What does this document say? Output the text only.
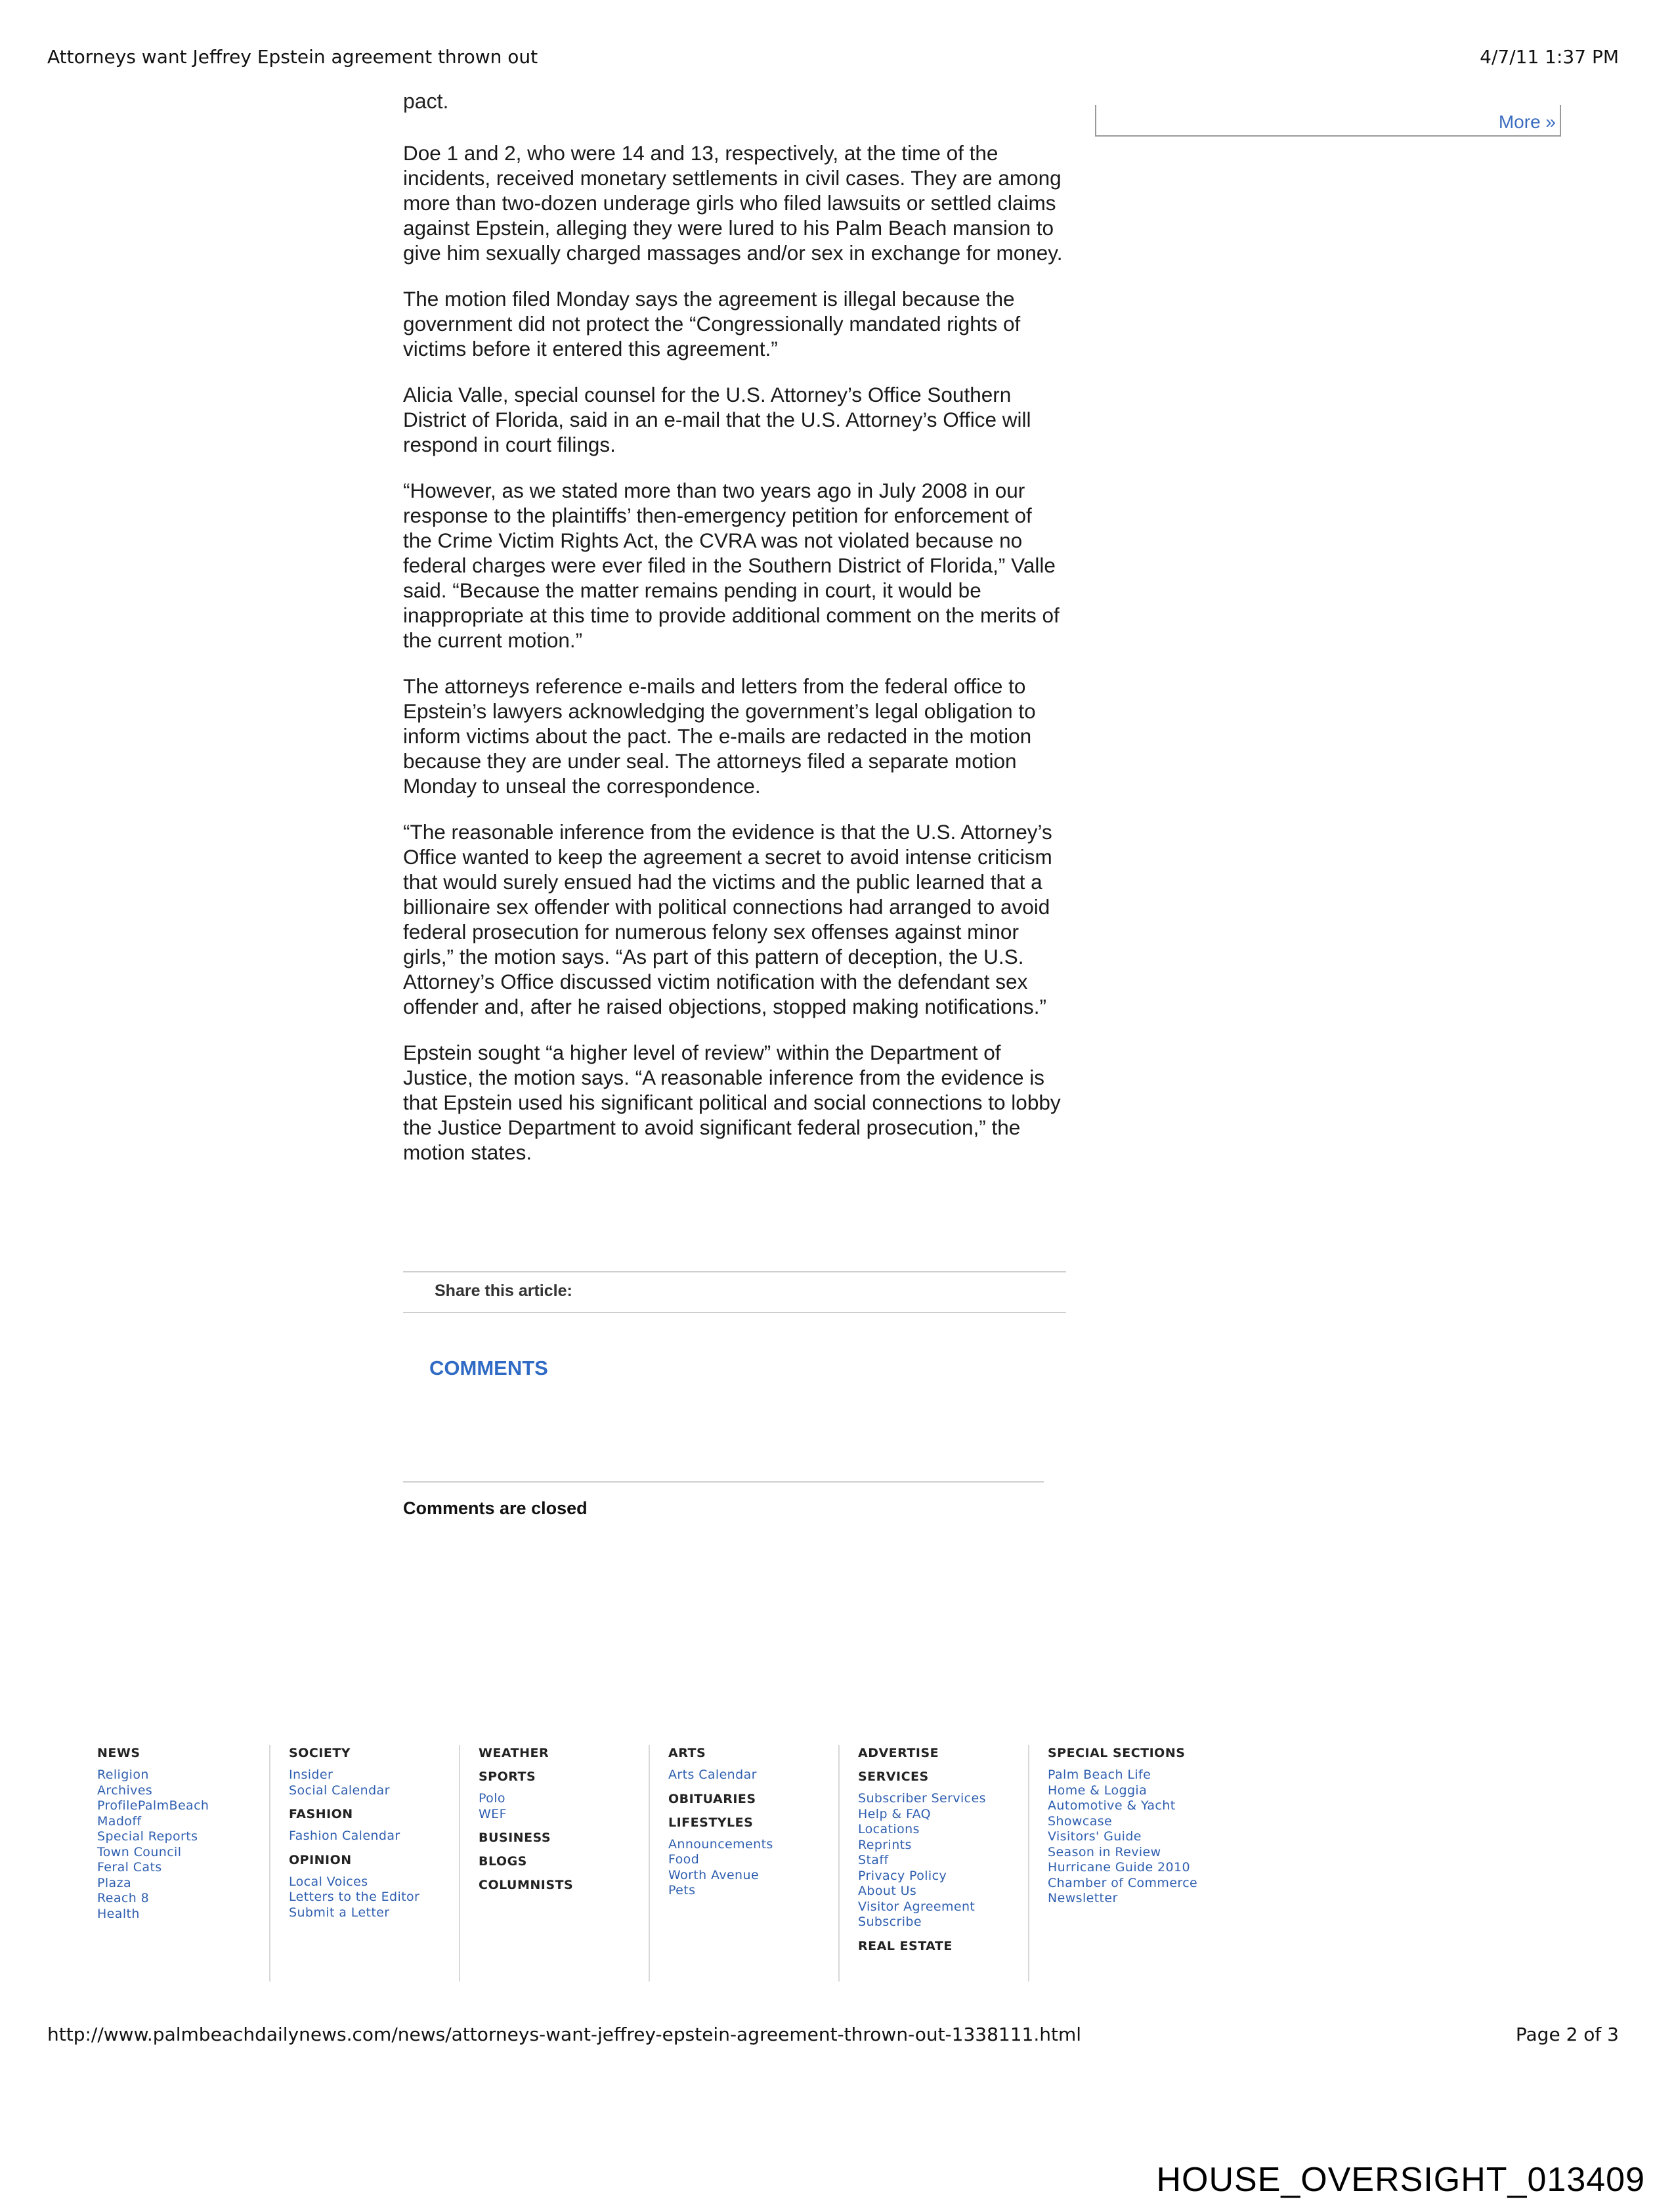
Attorneys want Jeffrey Epstein agreement thrown out	4/7/11 1:37 PM
More »
pact.

Doe 1 and 2, who were 14 and 13, respectively, at the time of the incidents, received monetary settlements in civil cases. They are among more than two-dozen underage girls who filed lawsuits or settled claims against Epstein, alleging they were lured to his Palm Beach mansion to give him sexually charged massages and/or sex in exchange for money.

The motion filed Monday says the agreement is illegal because the government did not protect the “Congressionally mandated rights of victims before it entered this agreement.”

Alicia Valle, special counsel for the U.S. Attorney’s Office Southern District of Florida, said in an e-mail that the U.S. Attorney’s Office will respond in court filings.

“However, as we stated more than two years ago in July 2008 in our response to the plaintiffs’ then-emergency petition for enforcement of the Crime Victim Rights Act, the CVRA was not violated because no federal charges were ever filed in the Southern District of Florida,” Valle said. “Because the matter remains pending in court, it would be inappropriate at this time to provide additional comment on the merits of the current motion.”

The attorneys reference e-mails and letters from the federal office to Epstein’s lawyers acknowledging the government’s legal obligation to inform victims about the pact. The e-mails are redacted in the motion because they are under seal. The attorneys filed a separate motion Monday to unseal the correspondence.

“The reasonable inference from the evidence is that the U.S. Attorney’s Office wanted to keep the agreement a secret to avoid intense criticism that would surely ensued had the victims and the public learned that a billionaire sex offender with political connections had arranged to avoid federal prosecution for numerous felony sex offenses against minor girls,” the motion says. “As part of this pattern of deception, the U.S. Attorney’s Office discussed victim notification with the defendant sex offender and, after he raised objections, stopped making notifications.”

Epstein sought “a higher level of review” within the Department of Justice, the motion says. “A reasonable inference from the evidence is that Epstein used his significant political and social connections to lobby the Justice Department to avoid significant federal prosecution,” the motion states.

Share this article:
COMMENTS
Comments are closed
NEWS
Religion
Archives
ProfilePalmBeach
Madoff
Special Reports
Town Council
Feral Cats
Plaza
Reach 8
Health
SOCIETY
Insider
Social Calendar
FASHION
Fashion Calendar
OPINION
Local Voices
Letters to the Editor
Submit a Letter
WEATHER
SPORTS
Polo
WEF
BUSINESS
BLOGS
COLUMNISTS
ARTS
Arts Calendar
OBITUARIES
LIFESTYLES
Announcements
Food
Worth Avenue
Pets
ADVERTISE
SERVICES
Subscriber Services
Help & FAQ
Locations
Reprints
Staff
Privacy Policy
About Us
Visitor Agreement
Subscribe
REAL ESTATE
SPECIAL SECTIONS
Palm Beach Life
Home & Loggia
Automotive & Yacht
Showcase
Visitors' Guide
Season in Review
Hurricane Guide 2010
Chamber of Commerce
Newsletter
http://www.palmbeachdailynews.com/news/attorneys-want-jeffrey-epstein-agreement-thrown-out-1338111.html	Page 2 of 3
HOUSE_OVERSIGHT_013409
